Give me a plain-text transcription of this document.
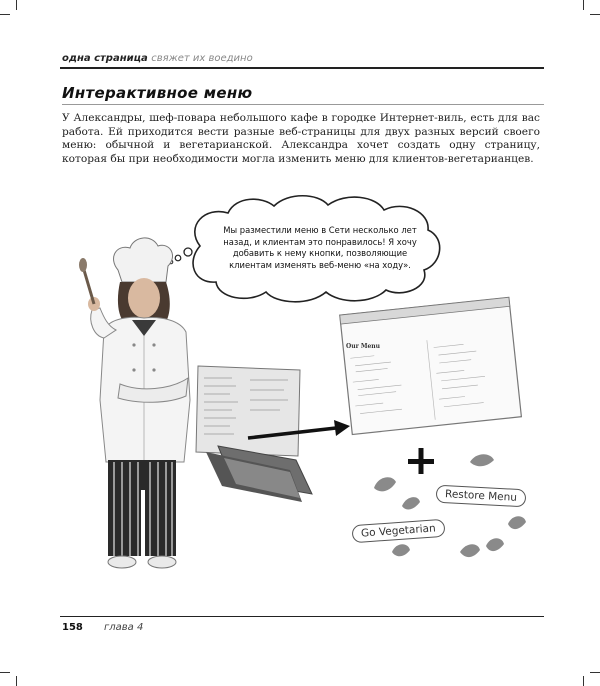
одна страница свяжет их воедино
Интерактивное меню
У Александры, шеф-повара небольшого кафе в городке Интернет-виль, есть для вас работа. Ей приходится вести разные веб-страницы для двух разных версий своего меню: обычной и вегетарианской. Александра хочет создать одну страницу, которая бы при необходимости могла изменить меню для клиентов-вегетарианцев.
Мы разместили меню в Сети несколько лет назад, и клиентам это понравилось! Я хочу добавить к нему кнопки, позволяющие клиентам изменять веб-меню «на ходу».
Our Menu
Restore Menu
Go Vegetarian
158 глава 4
